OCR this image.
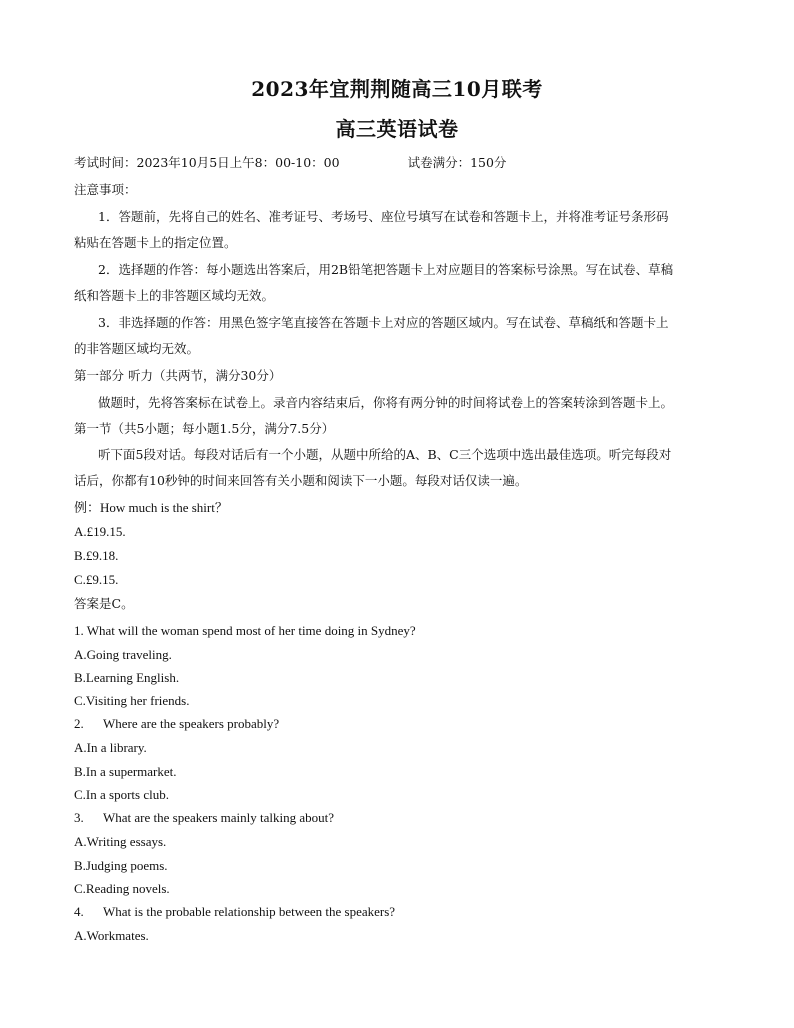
2023年宜荆荆随高三10月联考
高三英语试卷
考试时间：2023年10月5日上午8：00-10：00	试卷满分：150分
注意事项：
1．答题前，先将自己的姓名、准考证号、考场号、座位号填写在试卷和答题卡上，并将准考证号条形码
粘贴在答题卡上的指定位置。
2．选择题的作答：每小题选出答案后，用2B铅笔把答题卡上对应题目的答案标号涂黑。写在试卷、草稿
纸和答题卡上的非答题区域均无效。
3．非选择题的作答：用黑色签字笔直接答在答题卡上对应的答题区域内。写在试卷、草稿纸和答题卡上
的非答题区域均无效。
第一部分 听力（共两节，满分30分）
做题时，先将答案标在试卷上。录音内容结束后，你将有两分钟的时间将试卷上的答案转涂到答题卡上。
第一节（共5小题；每小题1.5分，满分7.5分）
听下面5段对话。每段对话后有一个小题，从题中所给的A、B、C三个选项中选出最佳选项。听完每段对
话后，你都有10秒钟的时间来回答有关小题和阅读下一小题。每段对话仅读一遍。
例：How much is the shirt？
A.£19.15.
B.£9.18.
C.£9.15.
答案是C。
1. What will the woman spend most of her time doing in Sydney?
A.Going traveling.
B.Learning English.
C.Visiting her friends.
2.      Where are the speakers probably?
A.In a library.
B.In a supermarket.
C.In a sports club.
3.      What are the speakers mainly talking about?
A.Writing essays.
B.Judging poems.
C.Reading novels.
4.      What is the probable relationship between the speakers?
A.Workmates.
